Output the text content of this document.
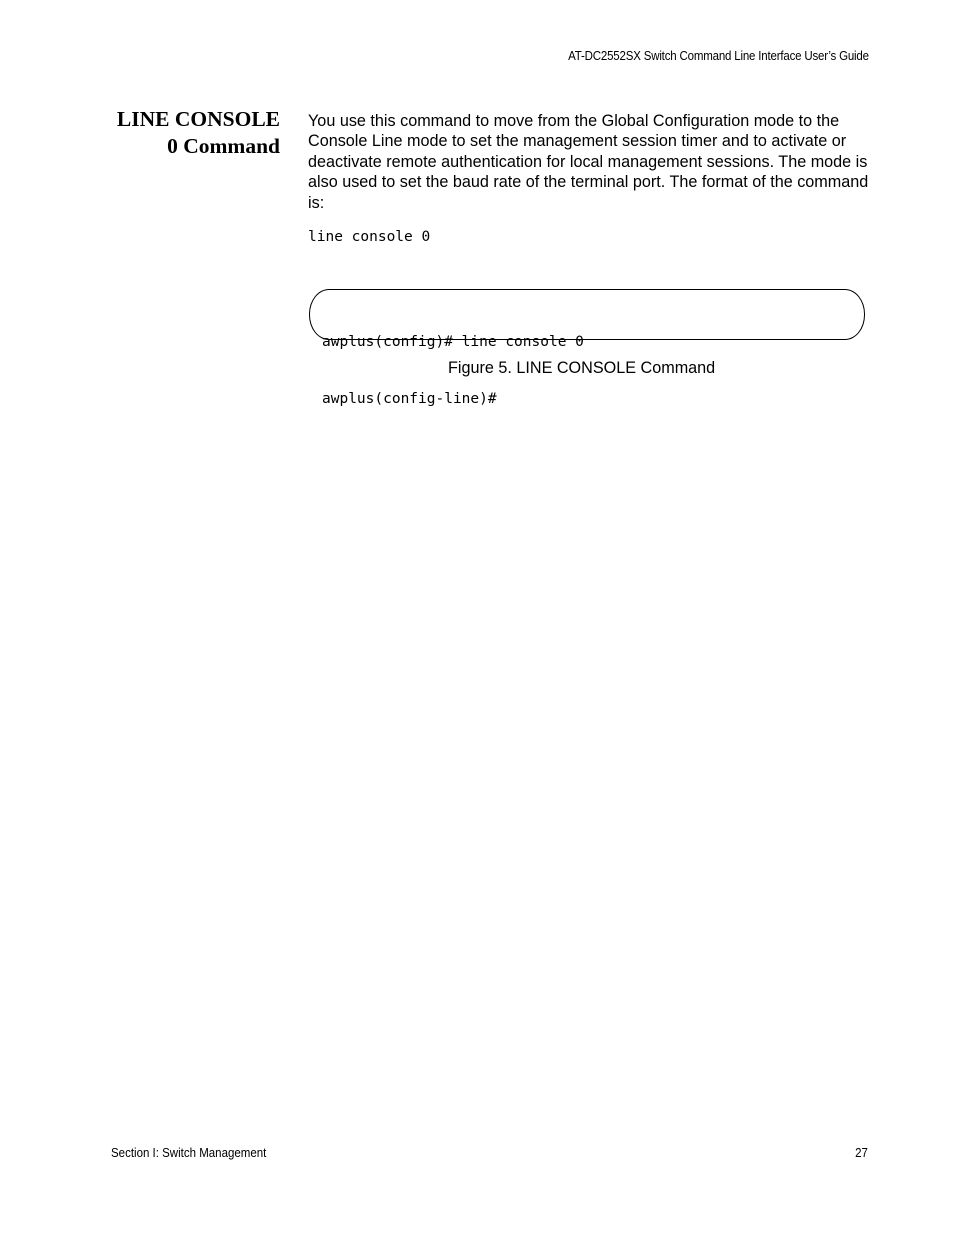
AT-DC2552SX Switch Command Line Interface User’s Guide
LINE CONSOLE
0 Command

You use this command to move from the Global Configuration mode to the Console Line mode to set the management session timer and to activate or deactivate remote authentication for local management sessions. The mode is also used to set the baud rate of the terminal port. The format of the command is:

line console 0

awplus(config)# line console 0

awplus(config-line)#

Figure 5. LINE CONSOLE Command
Section I: Switch Management	27
